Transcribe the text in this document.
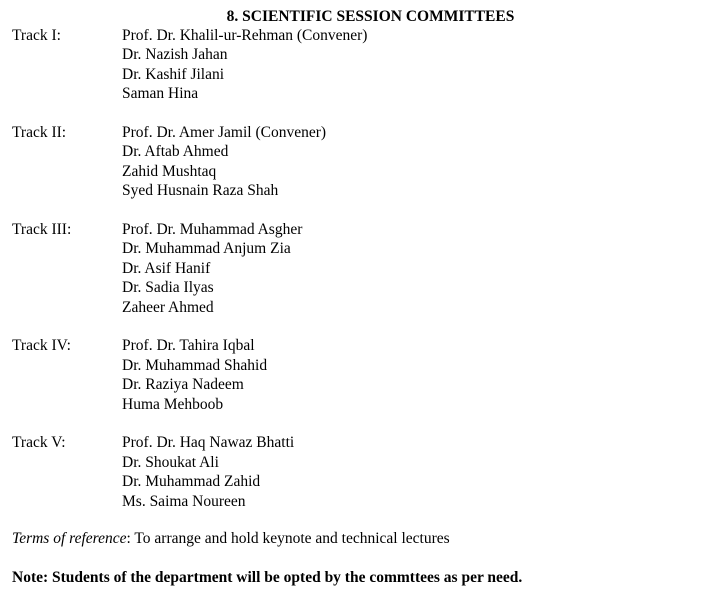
8. SCIENTIFIC SESSION COMMITTEES
Track I:	Prof. Dr. Khalil-ur-Rehman (Convener)
Dr. Nazish Jahan
Dr. Kashif Jilani
Saman Hina
Track II:	Prof. Dr. Amer Jamil (Convener)
Dr. Aftab Ahmed
Zahid Mushtaq
Syed Husnain Raza Shah
Track III:	Prof. Dr. Muhammad Asgher
Dr. Muhammad Anjum Zia
Dr. Asif Hanif
Dr. Sadia Ilyas
Zaheer Ahmed
Track IV:	Prof. Dr. Tahira Iqbal
Dr. Muhammad Shahid
Dr. Raziya Nadeem
Huma Mehboob
Track V:	Prof. Dr. Haq Nawaz Bhatti
Dr. Shoukat Ali
Dr. Muhammad Zahid
Ms. Saima Noureen
Terms of reference: To arrange and hold keynote and technical lectures
Note: Students of the department will be opted by the commttees as per need.
